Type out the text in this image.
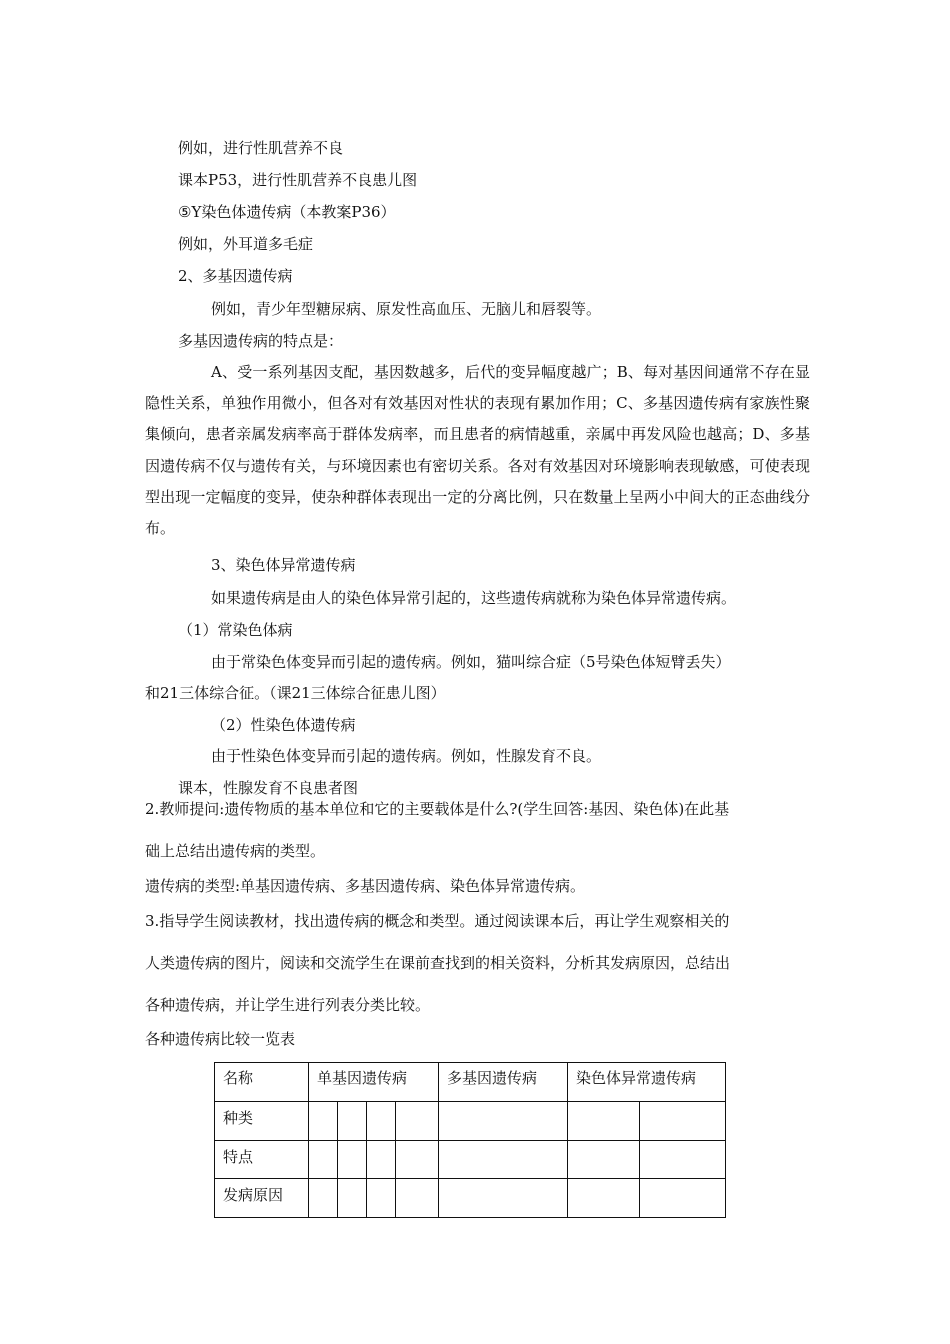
例如，进行性肌营养不良
课本P53，进行性肌营养不良患儿图
⑤Y染色体遗传病（本教案P36）
例如，外耳道多毛症
2、多基因遗传病
例如，青少年型糖尿病、原发性高血压、无脑儿和唇裂等。
多基因遗传病的特点是：
A、受一系列基因支配，基因数越多，后代的变异幅度越广；B、每对基因间通常不存在显隐性关系，单独作用微小，但各对有效基因对性状的表现有累加作用；C、多基因遗传病有家族性聚集倾向，患者亲属发病率高于群体发病率，而且患者的病情越重，亲属中再发风险也越高；D、多基因遗传病不仅与遗传有关，与环境因素也有密切关系。各对有效基因对环境影响表现敏感，可使表现型出现一定幅度的变异，使杂种群体表现出一定的分离比例，只在数量上呈两小中间大的正态曲线分布。
3、染色体异常遗传病
如果遗传病是由人的染色体异常引起的，这些遗传病就称为染色体异常遗传病。
（1）常染色体病
由于常染色体变异而引起的遗传病。例如，猫叫综合症（5号染色体短臂丢失）
和21三体综合征。（课21三体综合征患儿图）
（2）性染色体遗传病
由于性染色体变异而引起的遗传病。例如，性腺发育不良。
课本，性腺发育不良患者图
2.教师提问:遗传物质的基本单位和它的主要载体是什么?(学生回答:基因、染色体)在此基
础上总结出遗传病的类型。
遗传病的类型:单基因遗传病、多基因遗传病、染色体异常遗传病。
3.指导学生阅读教材，找出遗传病的概念和类型。通过阅读课本后，再让学生观察相关的
人类遗传病的图片，阅读和交流学生在课前查找到的相关资料，分析其发病原因，总结出
各种遗传病，并让学生进行列表分类比较。
各种遗传病比较一览表
名称	单基因遗传病				多基因遗传病	染色体异常遗传病	
种类							
特点							
发病原因							
